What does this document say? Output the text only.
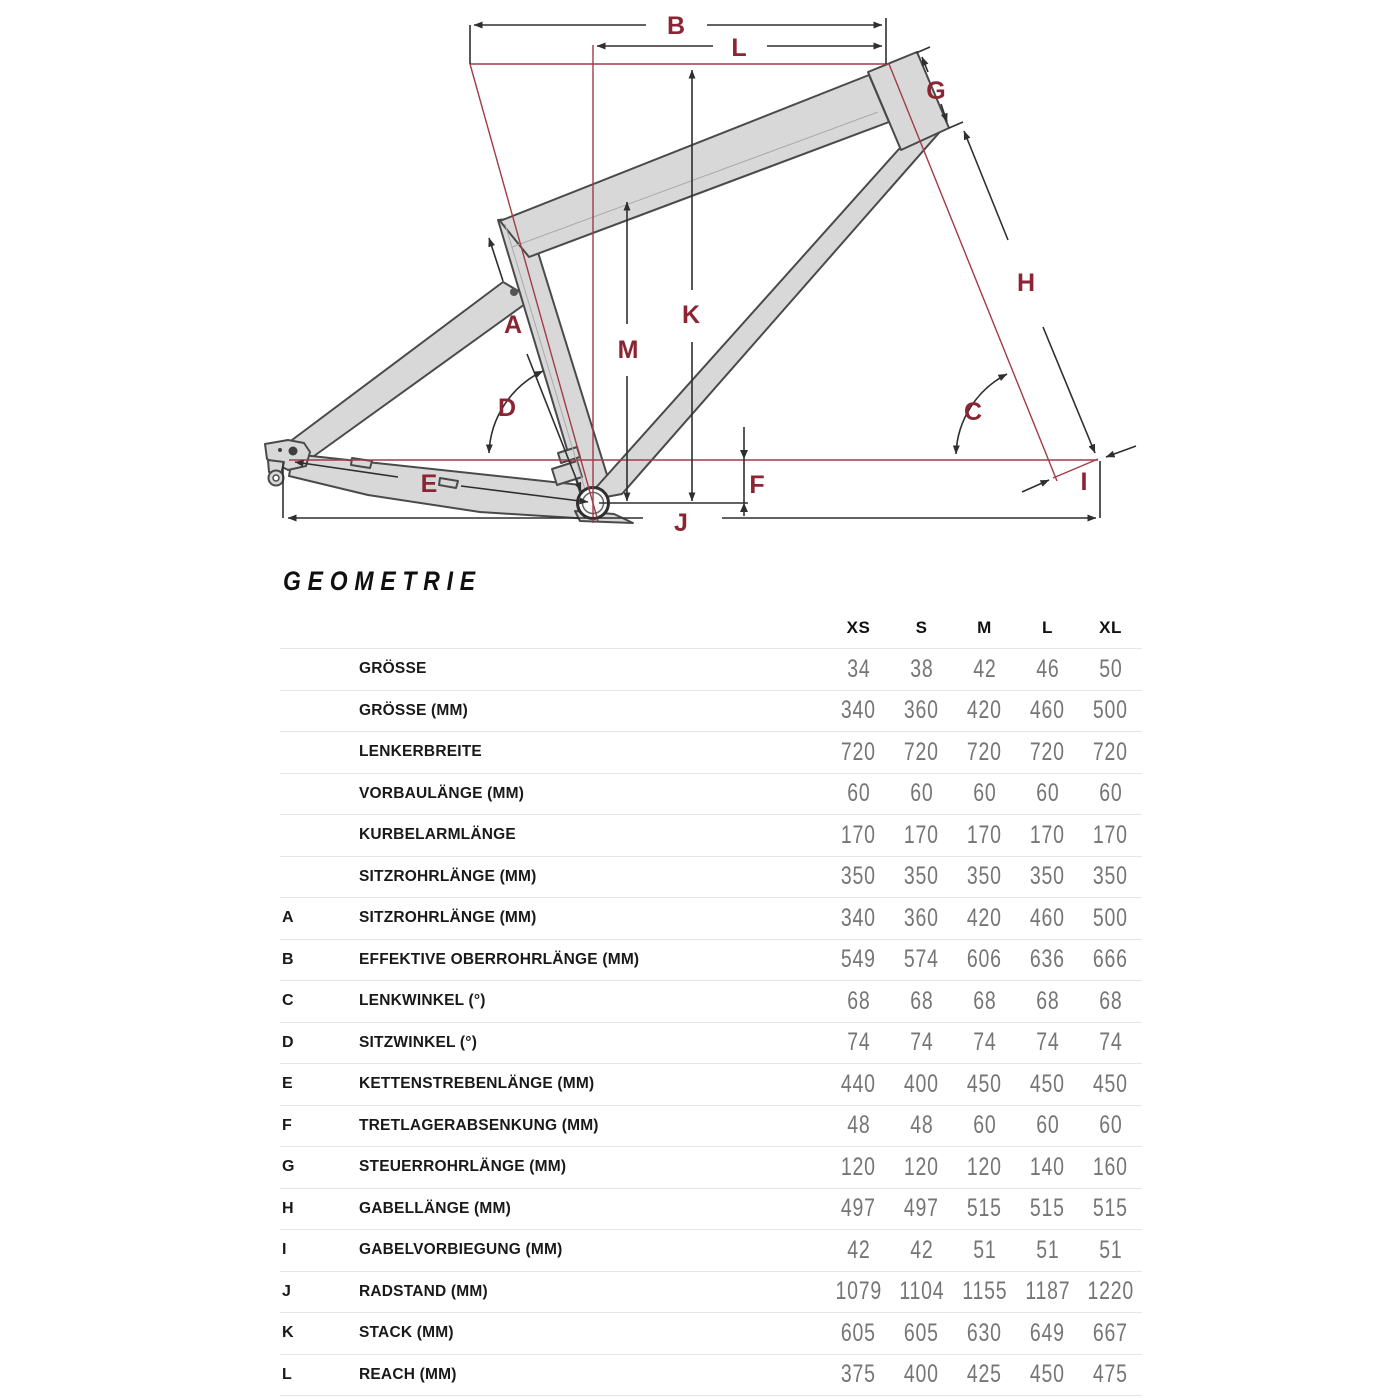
A
B
C
D
E	F
G
H
I
J
K
L
M
GEOMETRIE
XS	S	M	L	XL
GRÖSSE	34	38	42	46	50
GRÖSSE (MM)	340	360	420	460	500
LENKERBREITE	720	720	720	720	720
VORBAULÄNGE (MM)	60	60	60	60	60
KURBELARMLÄNGE	170	170	170	170	170
SITZROHRLÄNGE (MM)	350	350	350	350	350
A	SITZROHRLÄNGE (MM)	340	360	420	460	500
B	EFFEKTIVE OBERROHRLÄNGE (MM)	549	574	606	636	666
C	LENKWINKEL (°)	68	68	68	68	68
D	SITZWINKEL (°)	74	74	74	74	74
E	KETTENSTREBENLÄNGE (MM)	440	400	450	450	450
F	TRETLAGERABSENKUNG (MM)	48	48	60	60	60
G	STEUERROHRLÄNGE (MM)	120	120	120	140	160
H	GABELLÄNGE (MM)	497	497	515	515	515
I	GABELVORBIEGUNG (MM)	42	42	51	51	51
J	RADSTAND (MM)	1079 1104 1155 1187 1220
K	STACK (MM)	605	605	630	649	667
L	REACH (MM)	375	400	425	450	475
